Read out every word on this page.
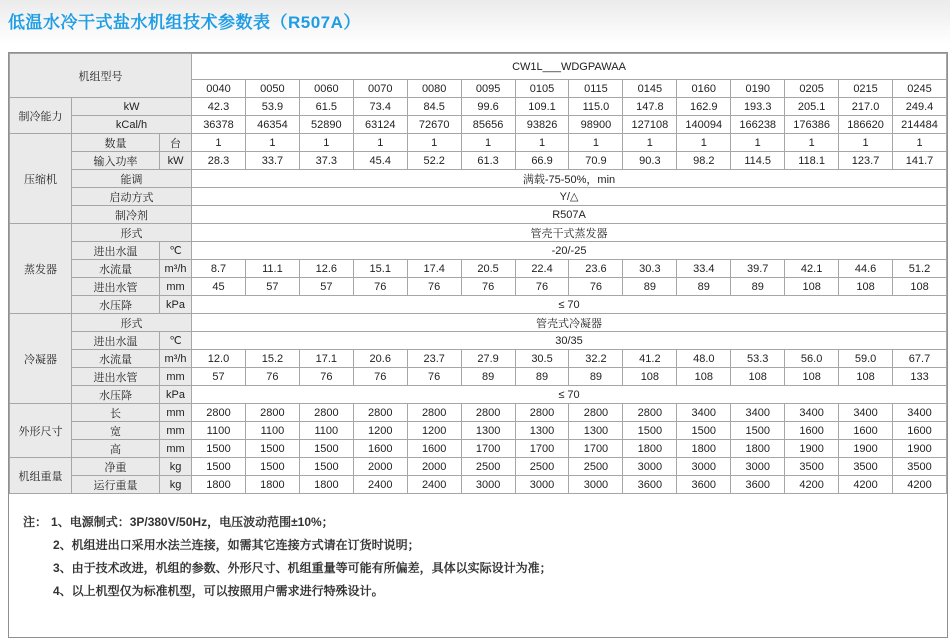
低温水冷干式盐水机组技术参数表（R507A）
机组型号			CW1L___WDGPAWAA													
			0040	0050	0060	0070	0080	0095	0105	0115	0145	0160	0190	0205	0215	0245
制冷能力	kW		42.3	53.9	61.5	73.4	84.5	99.6	109.1	115.0	147.8	162.9	193.3	205.1	217.0	249.4
	kCal/h		36378	46354	52890	63124	72670	85656	93826	98900	127108	140094	166238	176386	186620	214484
压缩机	数量	台	1	1	1	1	1	1	1	1	1	1	1	1	1	1
	输入功率	kW	28.3	33.7	37.3	45.4	52.2	61.3	66.9	70.9	90.3	98.2	114.5	118.1	123.7	141.7
	能调		满载-75-50%，min													
	启动方式		Y/△													
	制冷剂		R507A													
蒸发器	形式		管壳干式蒸发器													
	进出水温	℃	-20/-25													
	水流量	m³/h	8.7	11.1	12.6	15.1	17.4	20.5	22.4	23.6	30.3	33.4	39.7	42.1	44.6	51.2
	进出水管	mm	45	57	57	76	76	76	76	76	89	89	89	108	108	108
	水压降	kPa	≤ 70													
冷凝器	形式		管壳式冷凝器													
	进出水温	℃	30/35													
	水流量	m³/h	12.0	15.2	17.1	20.6	23.7	27.9	30.5	32.2	41.2	48.0	53.3	56.0	59.0	67.7
	进出水管	mm	57	76	76	76	76	89	89	89	108	108	108	108	108	133
	水压降	kPa	≤ 70													
外形尺寸	长	mm	2800	2800	2800	2800	2800	2800	2800	2800	2800	3400	3400	3400	3400	3400
	宽	mm	1100	1100	1100	1200	1200	1300	1300	1300	1500	1500	1500	1600	1600	1600
	高	mm	1500	1500	1500	1600	1600	1700	1700	1700	1800	1800	1800	1900	1900	1900
机组重量	净重	kg	1500	1500	1500	2000	2000	2500	2500	2500	3000	3000	3000	3500	3500	3500
	运行重量	kg	1800	1800	1800	2400	2400	3000	3000	3000	3600	3600	3600	4200	4200	4200
注： 1、电源制式：3P/380V/50Hz，电压波动范围±10%；
2、机组进出口采用水法兰连接，如需其它连接方式请在订货时说明；
3、由于技术改进，机组的参数、外形尺寸、机组重量等可能有所偏差，具体以实际设计为准；
4、以上机型仅为标准机型，可以按照用户需求进行特殊设计。
